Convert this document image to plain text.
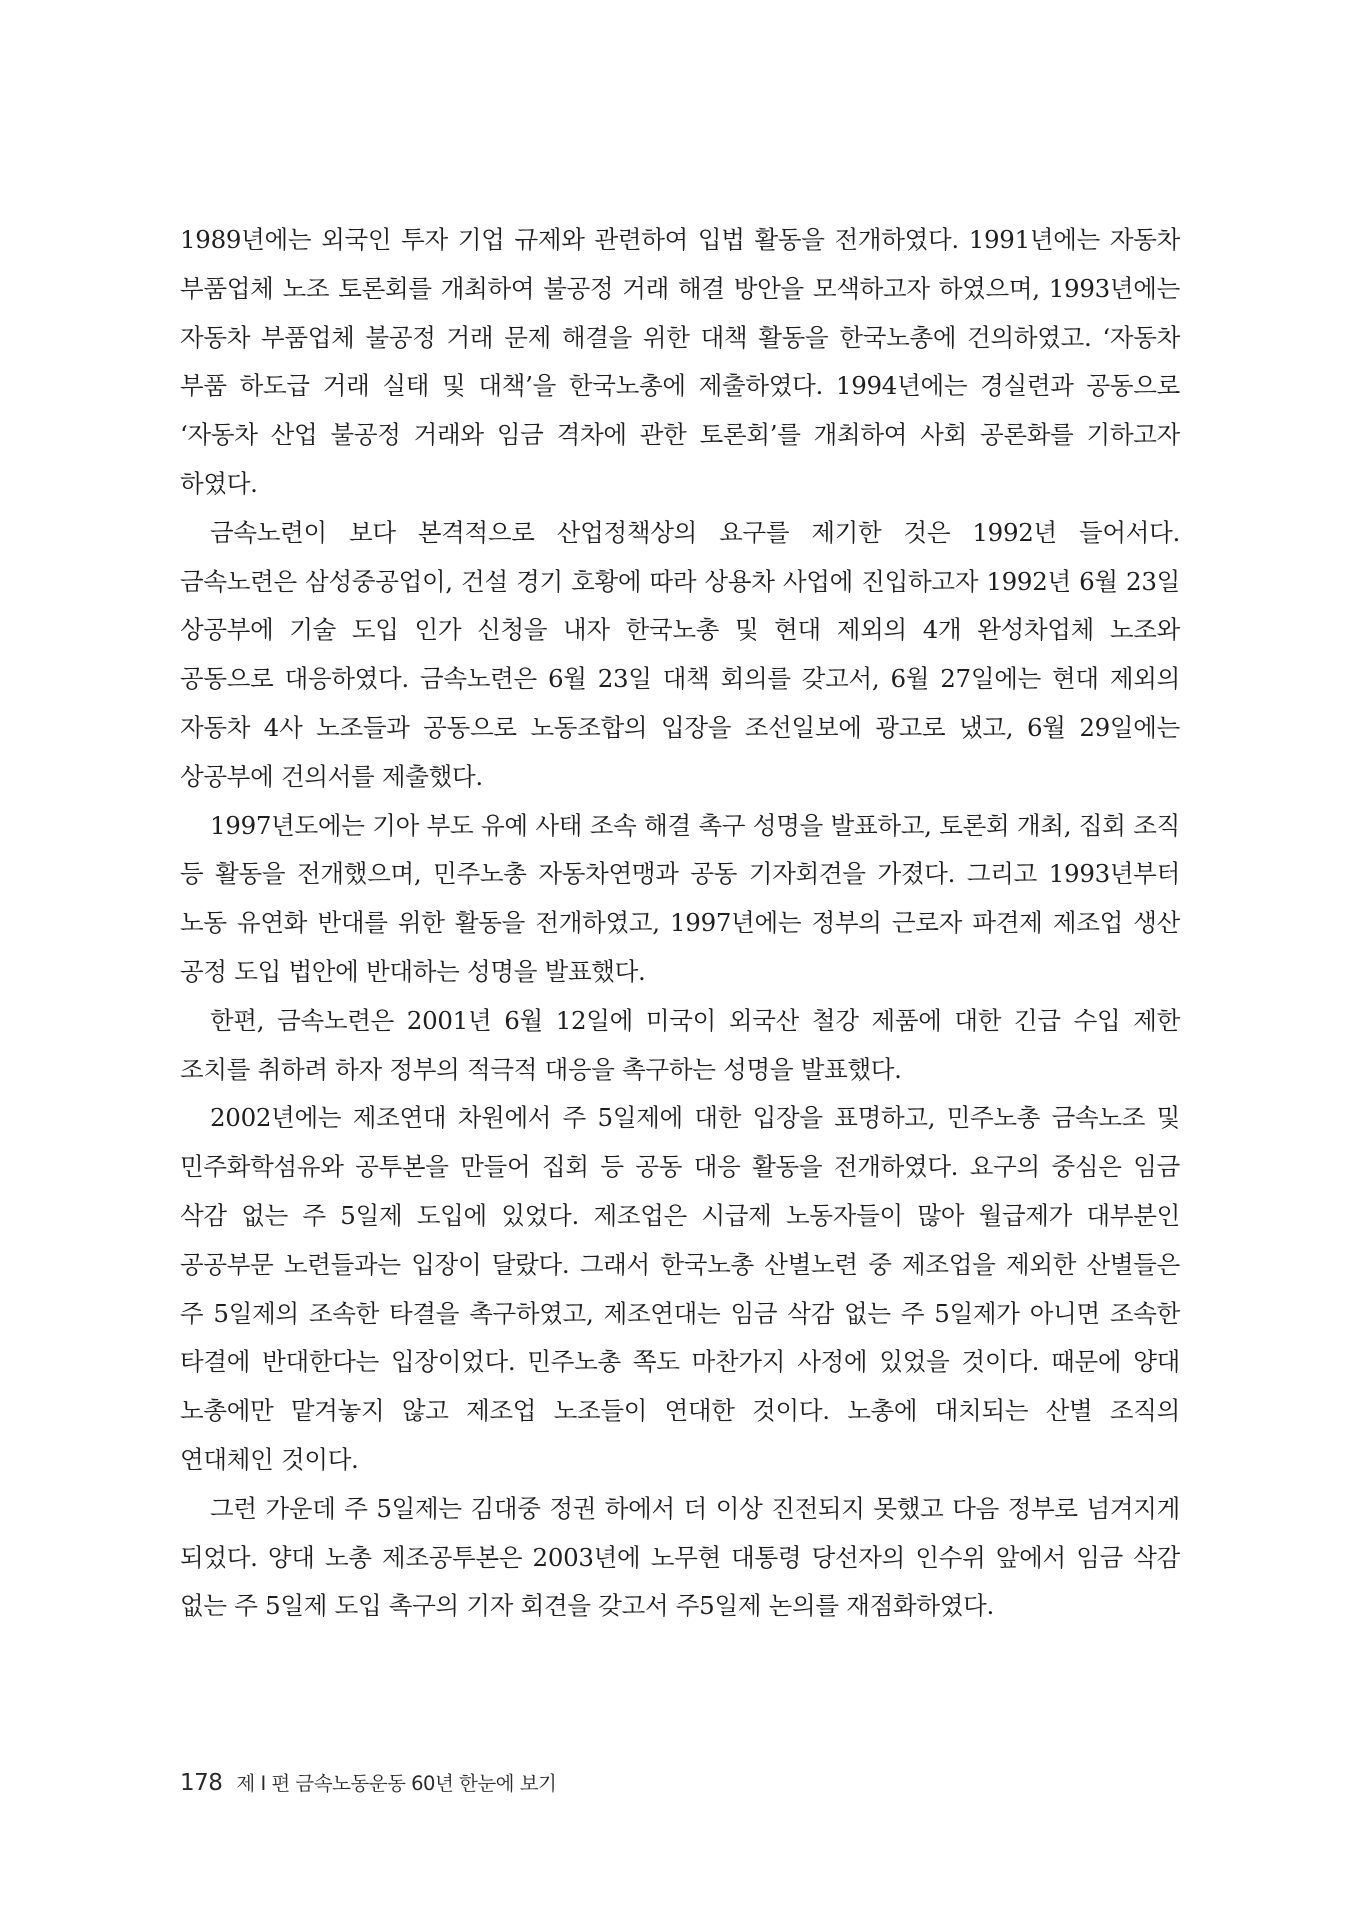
1989년에는 외국인 투자 기업 규제와 관련하여 입법 활동을 전개하였다. 1991년에는 자동차 부품업체 노조 토론회를 개최하여 불공정 거래 해결 방안을 모색하고자 하였으며, 1993년에는 자동차 부품업체 불공정 거래 문제 해결을 위한 대책 활동을 한국노총에 건의하였고. ‘자동차 부품 하도급 거래 실태 및 대책’을 한국노총에 제출하였다. 1994년에는 경실련과 공동으로 ‘자동차 산업 불공정 거래와 임금 격차에 관한 토론회’를 개최하여 사회 공론화를 기하고자 하였다.

금속노련이 보다 본격적으로 산업정책상의 요구를 제기한 것은 1992년 들어서다. 금속노련은 삼성중공업이, 건설 경기 호황에 따라 상용차 사업에 진입하고자 1992년 6월 23일 상공부에 기술 도입 인가 신청을 내자 한국노총 및 현대 제외의 4개 완성차업체 노조와 공동으로 대응하였다. 금속노련은 6월 23일 대책 회의를 갖고서, 6월 27일에는 현대 제외의 자동차 4사 노조들과 공동으로 노동조합의 입장을 조선일보에 광고로 냈고, 6월 29일에는 상공부에 건의서를 제출했다.

1997년도에는 기아 부도 유예 사태 조속 해결 촉구 성명을 발표하고, 토론회 개최, 집회 조직 등 활동을 전개했으며, 민주노총 자동차연맹과 공동 기자회견을 가졌다. 그리고 1993년부터 노동 유연화 반대를 위한 활동을 전개하였고, 1997년에는 정부의 근로자 파견제 제조업 생산 공정 도입 법안에 반대하는 성명을 발표했다.

한편, 금속노련은 2001년 6월 12일에 미국이 외국산 철강 제품에 대한 긴급 수입 제한 조치를 취하려 하자 정부의 적극적 대응을 촉구하는 성명을 발표했다.

2002년에는 제조연대 차원에서 주 5일제에 대한 입장을 표명하고, 민주노총 금속노조 및 민주화학섬유와 공투본을 만들어 집회 등 공동 대응 활동을 전개하였다. 요구의 중심은 임금 삭감 없는 주 5일제 도입에 있었다. 제조업은 시급제 노동자들이 많아 월급제가 대부분인 공공부문 노련들과는 입장이 달랐다. 그래서 한국노총 산별노련 중 제조업을 제외한 산별들은 주 5일제의 조속한 타결을 촉구하였고, 제조연대는 임금 삭감 없는 주 5일제가 아니면 조속한 타결에 반대한다는 입장이었다. 민주노총 쪽도 마찬가지 사정에 있었을 것이다. 때문에 양대 노총에만 맡겨놓지 않고 제조업 노조들이 연대한 것이다. 노총에 대치되는 산별 조직의 연대체인 것이다.

그런 가운데 주 5일제는 김대중 정권 하에서 더 이상 진전되지 못했고 다음 정부로 넘겨지게 되었다. 양대 노총 제조공투본은 2003년에 노무현 대통령 당선자의 인수위 앞에서 임금 삭감 없는 주 5일제 도입 촉구의 기자 회견을 갖고서 주5일제 논의를 재점화하였다.

178 제 I 편 금속노동운동 60년 한눈에 보기
